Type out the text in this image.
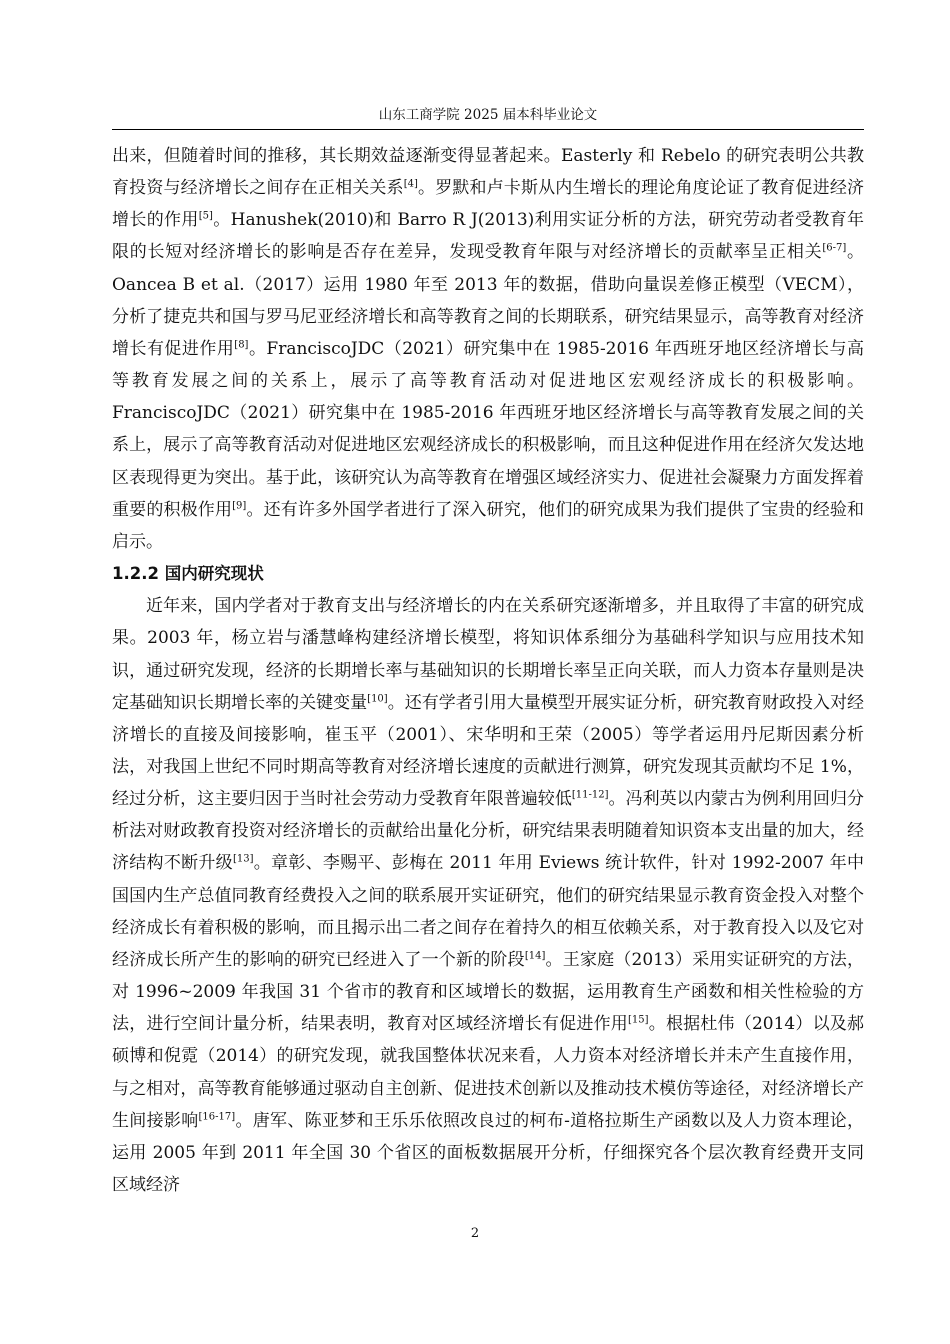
山东工商学院 2025 届本科毕业论文

出来，但随着时间的推移，其长期效益逐渐变得显著起来。Easterly 和 Rebelo 的研究表明公共教育投资与经济增长之间存在正相关关系[4]。罗默和卢卡斯从内生增长的理论角度论证了教育促进经济增长的作用[5]。Hanushek(2010)和 Barro R J(2013)利用实证分析的方法，研究劳动者受教育年限的长短对经济增长的影响是否存在差异，发现受教育年限与对经济增长的贡献率呈正相关[6-7]。Oancea B et al.（2017）运用 1980 年至 2013 年的数据，借助向量误差修正模型（VECM），分析了捷克共和国与罗马尼亚经济增长和高等教育之间的长期联系，研究结果显示，高等教育对经济增长有促进作用[8]。FranciscoJDC（2021）研究集中在 1985-2016 年西班牙地区经济增长与高等教育发展之间的关系上，展示了高等教育活动对促进地区宏观经济成长的积极影响。FranciscoJDC（2021）研究集中在 1985-2016 年西班牙地区经济增长与高等教育发展之间的关系上，展示了高等教育活动对促进地区宏观经济成长的积极影响，而且这种促进作用在经济欠发达地区表现得更为突出。基于此，该研究认为高等教育在增强区域经济实力、促进社会凝聚力方面发挥着重要的积极作用[9]。还有许多外国学者进行了深入研究，他们的研究成果为我们提供了宝贵的经验和启示。

1.2.2 国内研究现状

近年来，国内学者对于教育支出与经济增长的内在关系研究逐渐增多，并且取得了丰富的研究成果。2003 年，杨立岩与潘慧峰构建经济增长模型，将知识体系细分为基础科学知识与应用技术知识，通过研究发现，经济的长期增长率与基础知识的长期增长率呈正向关联，而人力资本存量则是决定基础知识长期增长率的关键变量[10]。还有学者引用大量模型开展实证分析，研究教育财政投入对经济增长的直接及间接影响，崔玉平（2001）、宋华明和王荣（2005）等学者运用丹尼斯因素分析法，对我国上世纪不同时期高等教育对经济增长速度的贡献进行测算，研究发现其贡献均不足 1%，经过分析，这主要归因于当时社会劳动力受教育年限普遍较低[11-12]。冯利英以内蒙古为例利用回归分析法对财政教育投资对经济增长的贡献给出量化分析，研究结果表明随着知识资本支出量的加大，经济结构不断升级[13]。章彰、李赐平、彭梅在 2011 年用 Eviews 统计软件，针对 1992-2007 年中国国内生产总值同教育经费投入之间的联系展开实证研究，他们的研究结果显示教育资金投入对整个经济成长有着积极的影响，而且揭示出二者之间存在着持久的相互依赖关系，对于教育投入以及它对经济成长所产生的影响的研究已经进入了一个新的阶段[14]。王家庭（2013）采用实证研究的方法，对 1996~2009 年我国 31 个省市的教育和区域增长的数据，运用教育生产函数和相关性检验的方法，进行空间计量分析，结果表明，教育对区域经济增长有促进作用[15]。根据杜伟（2014）以及郝硕博和倪霓（2014）的研究发现，就我国整体状况来看，人力资本对经济增长并未产生直接作用，与之相对，高等教育能够通过驱动自主创新、促进技术创新以及推动技术模仿等途径，对经济增长产生间接影响[16-17]。唐军、陈亚梦和王乐乐依照改良过的柯布-道格拉斯生产函数以及人力资本理论，运用 2005 年到 2011 年全国 30 个省区的面板数据展开分析，仔细探究各个层次教育经费开支同区域经济

2
